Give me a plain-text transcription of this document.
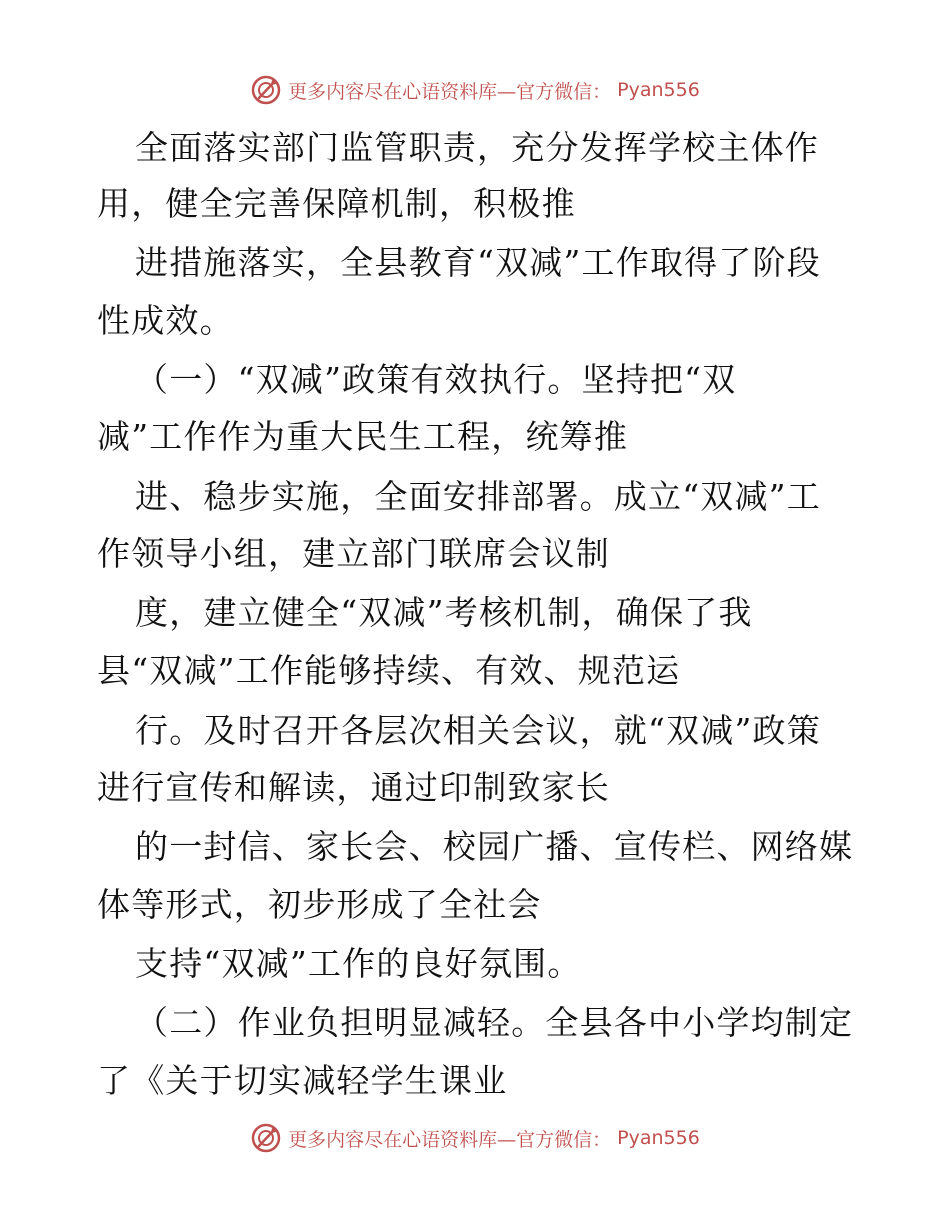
更多内容尽在心语资料库—官方微信： Pyan556
全面落实部门监管职责，充分发挥学校主体作
用，健全完善保障机制，积极推
进措施落实，全县教育“双减”工作取得了阶段
性成效。
（一）“双减”政策有效执行。坚持把“双
减”工作作为重大民生工程，统筹推
进、稳步实施，全面安排部署。成立“双减”工
作领导小组，建立部门联席会议制
度，建立健全“双减”考核机制，确保了我
县“双减”工作能够持续、有效、规范运
行。及时召开各层次相关会议，就“双减”政策
进行宣传和解读，通过印制致家长
的一封信、家长会、校园广播、宣传栏、网络媒
体等形式，初步形成了全社会
支持“双减”工作的良好氛围。
（二）作业负担明显减轻。全县各中小学均制定
了《关于切实减轻学生课业
更多内容尽在心语资料库—官方微信： Pyan556
